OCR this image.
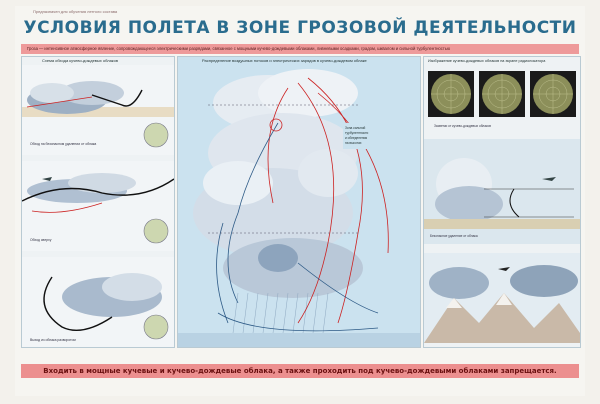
Предназначен для обучения летного состава
УСЛОВИЯ ПОЛЕТА В ЗОНЕ ГРОЗОВОЙ ДЕЯТЕЛЬНОСТИ
Гроза — интенсивное атмосферное явление, сопровождающееся электрическими разрядами, связанное с мощными кучево-дождевыми облаками, ливневыми осадками, градом, шквалом и сильной турбулентностью
Схема обхода кучево-дождевых облаков
Обход на безопасном удалении от облака
Обход сверху
Выход из облака разворотом
Распределение воздушных потоков и электрических зарядов в кучево-дождевом облаке
Зона сильной
турбулентности
и обледенения
на высотах
Изображение кучево-дождевых облаков на экране радиолокатора
Засветки от кучево-дождевых облаков
Безопасное удаление от облака
Входить в мощные кучевые и кучево-дождевые облака, а также проходить под кучево-дождевыми облаками запрещается.
